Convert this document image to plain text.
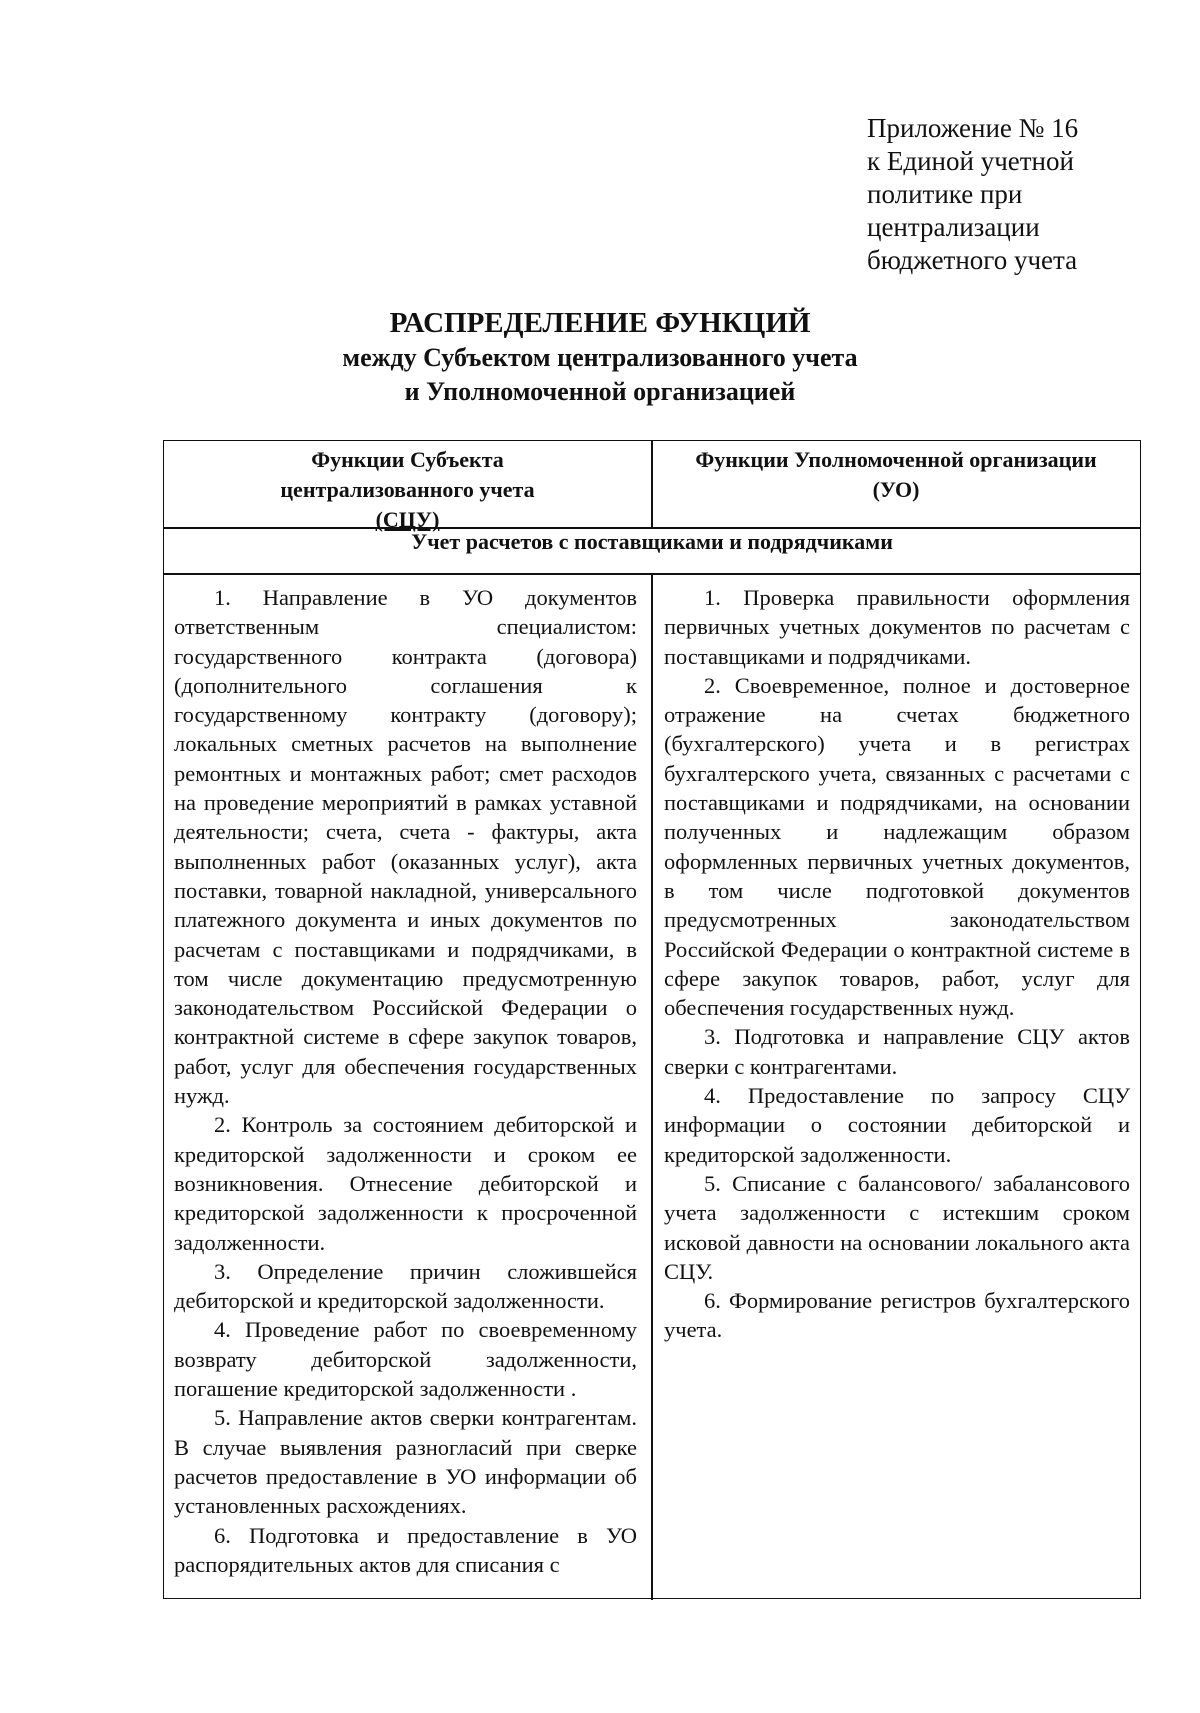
Приложение № 16
к Единой учетной
политике при
централизации
бюджетного учета
РАСПРЕДЕЛЕНИЕ ФУНКЦИЙ
между Субъектом централизованного учета
и Уполномоченной организацией
Функции Субъекта
централизованного учета
(СЦУ)
Функции Уполномоченной организации
(УО)
Учет расчетов с поставщиками и подрядчиками

1. Направление в УО документов ответственным специалистом: государственного контракта (договора) (дополнительного соглашения к государственному контракту (договору); локальных сметных расчетов на выполнение ремонтных и монтажных работ; смет расходов на проведение мероприятий в рамках уставной деятельности; счета, счета - фактуры, акта выполненных работ (оказанных услуг), акта поставки, товарной накладной, универсального платежного документа и иных документов по расчетам с поставщиками и подрядчиками, в том числе документацию предусмотренную законодательством Российской Федерации о контрактной системе в сфере закупок товаров, работ, услуг для обеспечения государственных нужд.

2. Контроль за состоянием дебиторской и кредиторской задолженности и сроком ее возникновения. Отнесение дебиторской и кредиторской задолженности к просроченной задолженности.

3. Определение причин сложившейся дебиторской и кредиторской задолженности.

4. Проведение работ по своевременному возврату дебиторской задолженности, погашение кредиторской задолженности .

5. Направление актов сверки контрагентам. В случае выявления разногласий при сверке расчетов предоставление в УО информации об установленных расхождениях.

6. Подготовка и предоставление в УО распорядительных актов для списания с

1. Проверка правильности оформления первичных учетных документов по расчетам с поставщиками и подрядчиками.

2. Своевременное, полное и достоверное отражение на счетах бюджетного (бухгалтерского) учета и в регистрах бухгалтерского учета, связанных с расчетами с поставщиками и подрядчиками, на основании полученных и надлежащим образом оформленных первичных учетных документов, в том числе подготовкой документов предусмотренных законодательством Российской Федерации о контрактной системе в сфере закупок товаров, работ, услуг для обеспечения государственных нужд.

3. Подготовка и направление СЦУ актов сверки с контрагентами.

4. Предоставление по запросу СЦУ информации о состоянии дебиторской и кредиторской задолженности.

5. Списание с балансового/ забалансового учета задолженности с истекшим сроком исковой давности на основании локального акта СЦУ.

6. Формирование регистров бухгалтерского учета.
